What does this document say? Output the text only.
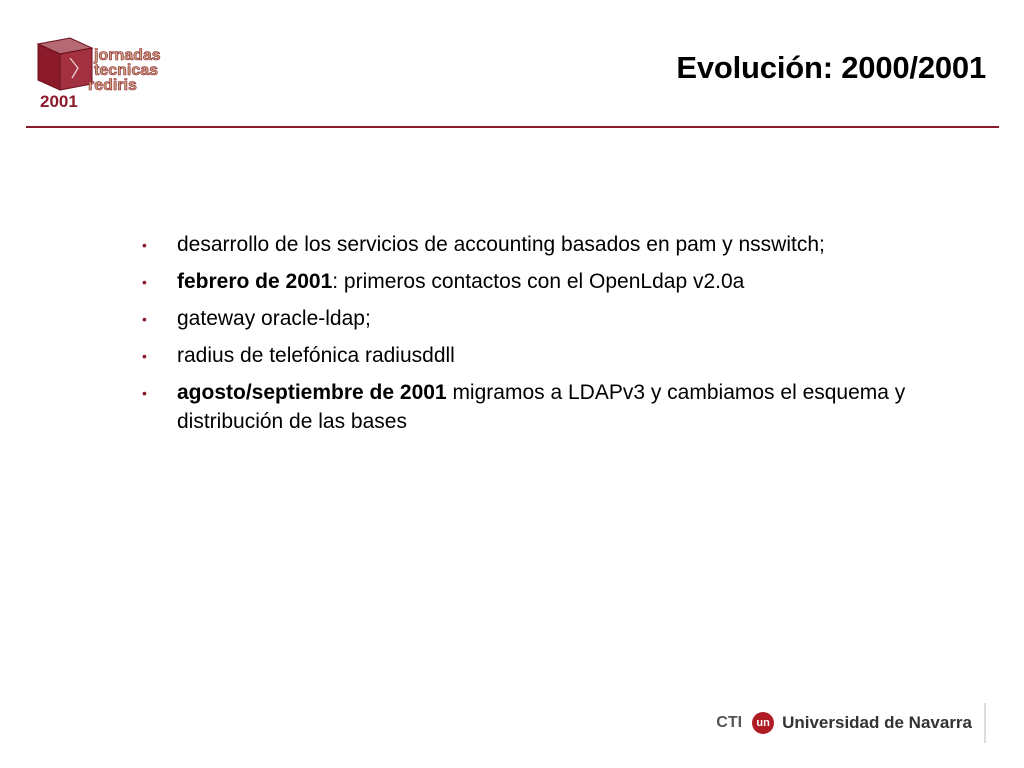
jornadas
tecnicas
rediris
2001
Evolución: 2000/2001
• desarrollo de los servicios de accounting basados en pam y nsswitch;
• febrero de 2001: primeros contactos con el OpenLdap v2.0a
• gateway oracle-ldap;
• radius de telefónica radiusddll
• agosto/septiembre de 2001 migramos a LDAPv3 y cambiamos el esquema y distribución de las bases
CTI	un Universidad de Navarra
